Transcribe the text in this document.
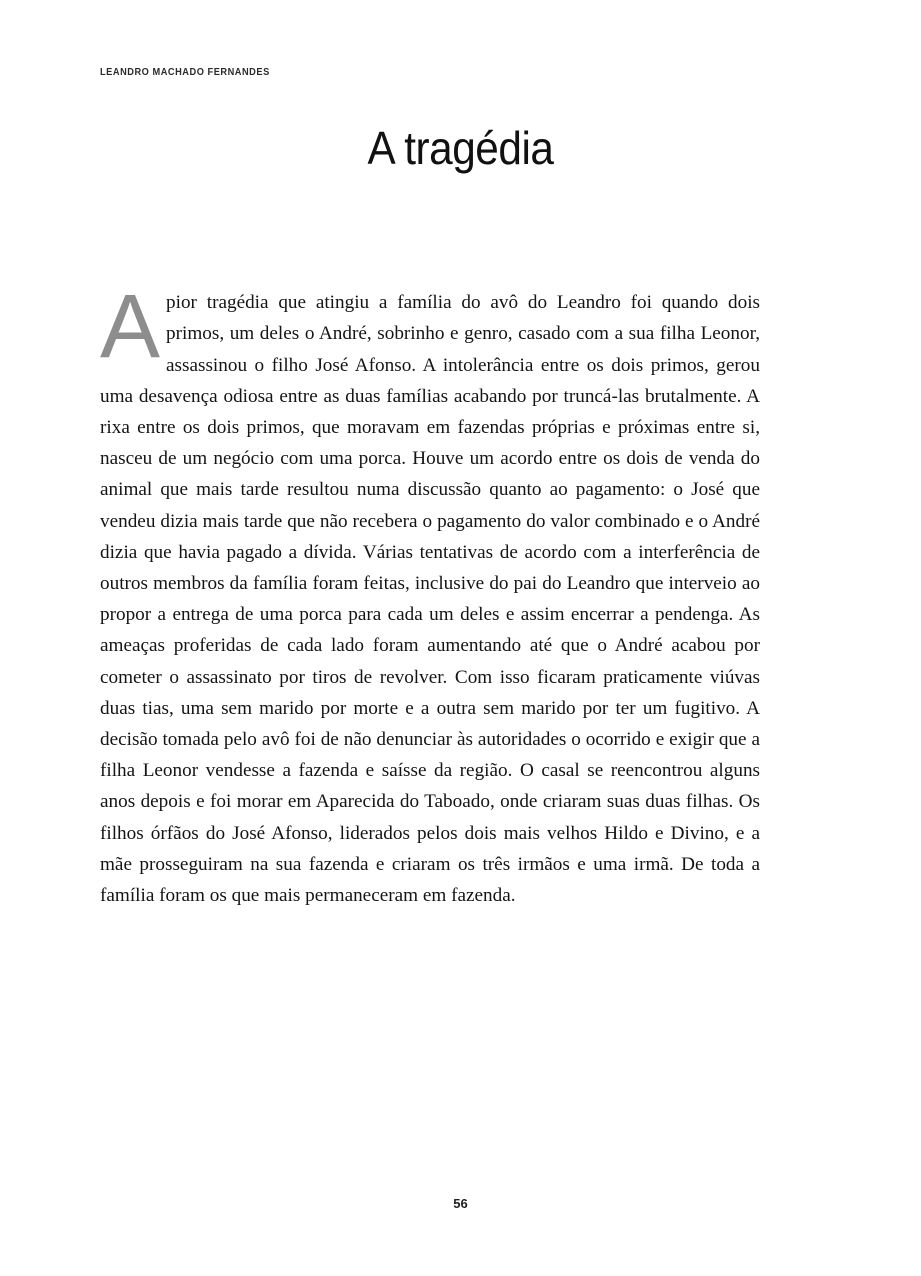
LEANDRO MACHADO FERNANDES
A tragédia

Apior tragédia que atingiu a família do avô do Leandro foi quando dois primos, um deles o André, sobrinho e genro, casado com a sua filha Leonor, assassinou o filho José Afonso. A intolerância entre os dois primos, gerou uma desavença odiosa entre as duas famílias acabando por truncá-las brutalmente. A rixa entre os dois primos, que moravam em fazendas próprias e próximas entre si, nasceu de um negócio com uma porca. Houve um acordo entre os dois de venda do animal que mais tarde resultou numa discussão quanto ao pagamento: o José que vendeu dizia mais tarde que não recebera o pagamento do valor combinado e o André dizia que havia pagado a dívida. Várias tentativas de acordo com a interferência de outros membros da família foram feitas, inclusive do pai do Leandro que interveio ao propor a entrega de uma porca para cada um deles e assim encerrar a pendenga. As ameaças proferidas de cada lado foram aumentando até que o André acabou por cometer o assassinato por tiros de revolver. Com isso ficaram praticamente viúvas duas tias, uma sem marido por morte e a outra sem marido por ter um fugitivo. A decisão tomada pelo avô foi de não denunciar às autoridades o ocorrido e exigir que a filha Leonor vendesse a fazenda e saísse da região. O casal se reencontrou alguns anos depois e foi morar em Aparecida do Taboado, onde criaram suas duas filhas. Os filhos órfãos do José Afonso, liderados pelos dois mais velhos Hildo e Divino, e a mãe prosseguiram na sua fazenda e criaram os três irmãos e uma irmã. De toda a família foram os que mais permaneceram em fazenda.

56
